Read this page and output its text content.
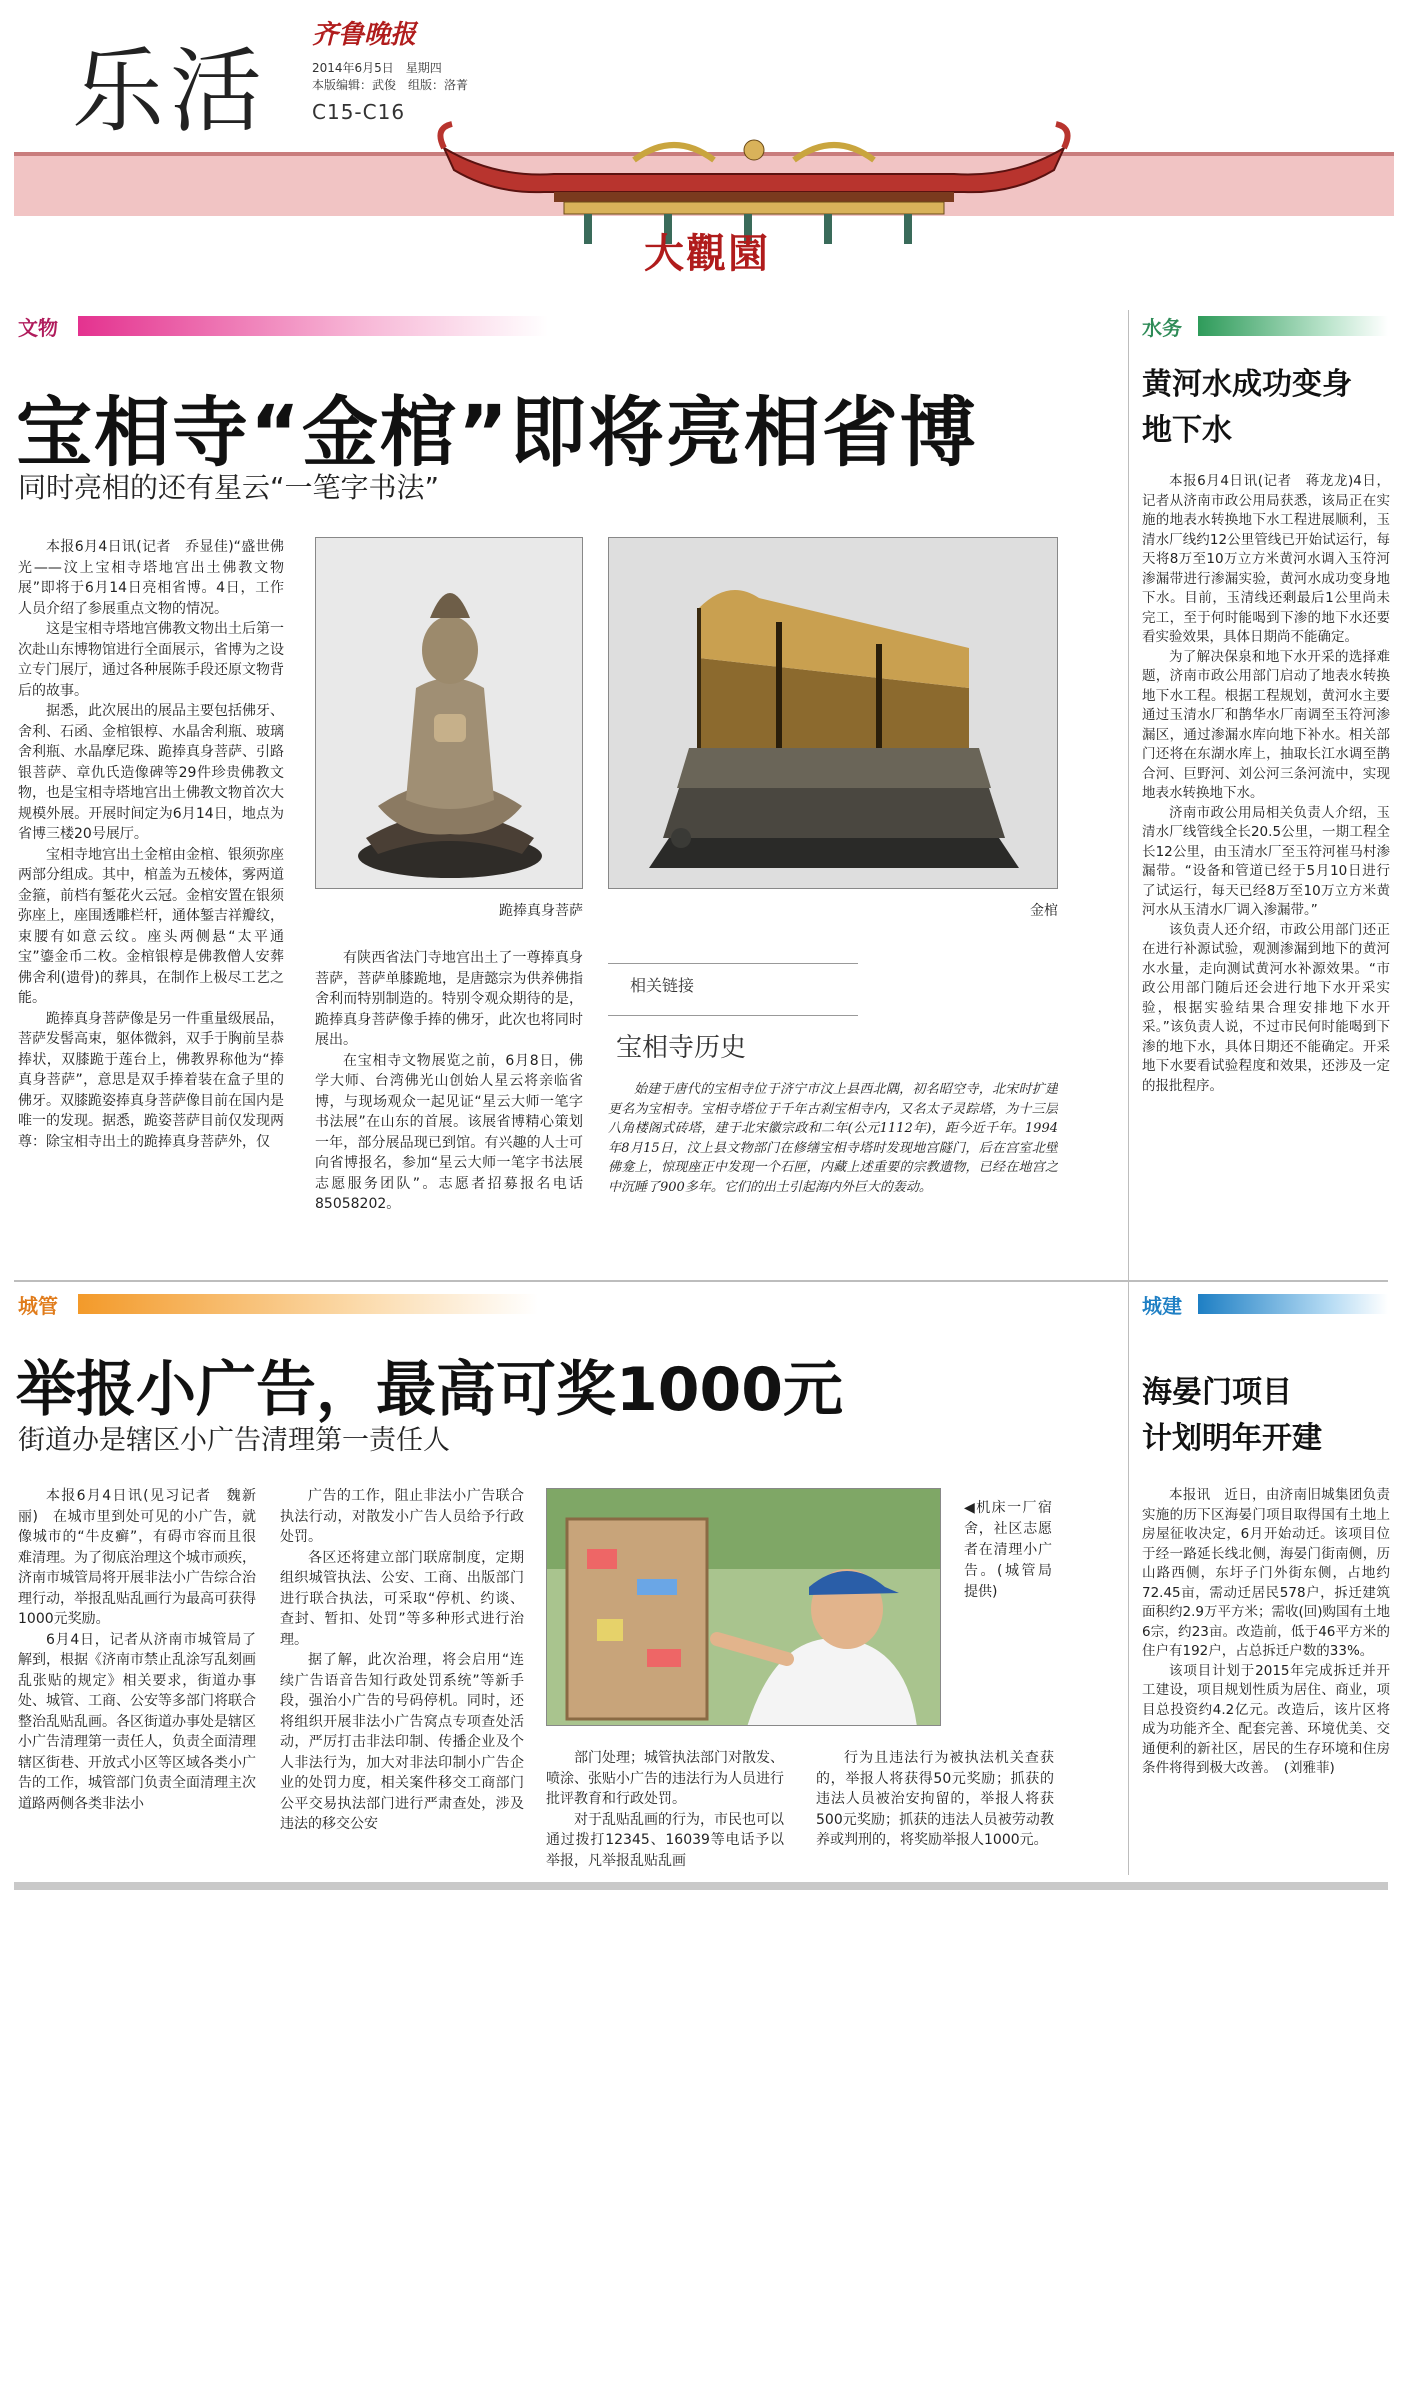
乐活
齐鲁晚报
2014年6月5日　星期四
本版编辑：武俊　组版：洛菁
C15-C16
大觀園
文物
宝相寺“金棺”即将亮相省博
同时亮相的还有星云“一笔字书法”

本报6月4日讯(记者　乔显佳)“盛世佛光——汶上宝相寺塔地宫出土佛教文物展”即将于6月14日亮相省博。4日，工作人员介绍了参展重点文物的情况。

这是宝相寺塔地宫佛教文物出土后第一次赴山东博物馆进行全面展示，省博为之设立专门展厅，通过各种展陈手段还原文物背后的故事。

据悉，此次展出的展品主要包括佛牙、舍利、石函、金棺银椁、水晶舍利瓶、玻璃舍利瓶、水晶摩尼珠、跪捧真身菩萨、引路银菩萨、章仇氏造像碑等29件珍贵佛教文物，也是宝相寺塔地宫出土佛教文物首次大规模外展。开展时间定为6月14日，地点为省博三楼20号展厅。

宝相寺地宫出土金棺由金棺、银须弥座两部分组成。其中，棺盖为五棱体，雾两道金箍，前档有錾花火云冠。金棺安置在银须弥座上，座围透雕栏杆，通体錾吉祥瓣纹，束腰有如意云纹。座头两侧悬“太平通宝”鎏金币二枚。金棺银椁是佛教僧人安葬佛舍利(遗骨)的葬具，在制作上极尽工艺之能。

跪捧真身菩萨像是另一件重量级展品，菩萨发髻高束，躯体微斜，双手于胸前呈恭捧状，双膝跪于莲台上，佛教界称他为“捧真身菩萨”，意思是双手捧着装在盒子里的佛牙。双膝跪姿捧真身菩萨像目前在国内是唯一的发现。据悉，跪姿菩萨目前仅发现两尊：除宝相寺出土的跪捧真身菩萨外，仅

跪捧真身菩萨	金棺

有陕西省法门寺地宫出土了一尊捧真身菩萨，菩萨单膝跪地，是唐懿宗为供养佛指舍利而特别制造的。特别令观众期待的是，跪捧真身菩萨像手捧的佛牙，此次也将同时展出。

在宝相寺文物展览之前，6月8日，佛学大师、台湾佛光山创始人星云将亲临省博，与现场观众一起见证“星云大师一笔字书法展”在山东的首展。该展省博精心策划一年，部分展品现已到馆。有兴趣的人士可向省博报名，参加“星云大师一笔字书法展志愿服务团队”。志愿者招募报名电话85058202。

相关链接
宝相寺历史

始建于唐代的宝相寺位于济宁市汶上县西北隅，初名昭空寺，北宋时扩建更名为宝相寺。宝相寺塔位于千年古刹宝相寺内，又名太子灵踪塔，为十三层八角楼阁式砖塔，建于北宋徽宗政和二年(公元1112年)，距今近千年。1994年8月15日，汶上县文物部门在修缮宝相寺塔时发现地宫隧门，后在宫室北壁佛龛上，惊现座正中发现一个石匣，内藏上述重要的宗教遗物，已经在地宫之中沉睡了900多年。它们的出土引起海内外巨大的轰动。

水务
黄河水成功变身
地下水

本报6月4日讯(记者　蒋龙龙)4日，记者从济南市政公用局获悉，该局正在实施的地表水转换地下水工程进展顺利，玉清水厂线约12公里管线已开始试运行，每天将8万至10万立方米黄河水调入玉符河渗漏带进行渗漏实验，黄河水成功变身地下水。目前，玉清线还剩最后1公里尚未完工，至于何时能喝到下渗的地下水还要看实验效果，具体日期尚不能确定。

为了解决保泉和地下水开采的选择难题，济南市政公用部门启动了地表水转换地下水工程。根据工程规划，黄河水主要通过玉清水厂和鹊华水厂南调至玉符河渗漏区，通过渗漏水库向地下补水。相关部门还将在东湖水库上，抽取长江水调至鹊合河、巨野河、刘公河三条河流中，实现地表水转换地下水。

济南市政公用局相关负责人介绍，玉清水厂线管线全长20.5公里，一期工程全长12公里，由玉清水厂至玉符河崔马村渗漏带。“设备和管道已经于5月10日进行了试运行，每天已经8万至10万立方米黄河水从玉清水厂调入渗漏带。”

该负责人还介绍，市政公用部门还正在进行补源试验，观测渗漏到地下的黄河水水量，走向测试黄河水补源效果。“市政公用部门随后还会进行地下水开采实验，根据实验结果合理安排地下水开采。”该负责人说，不过市民何时能喝到下渗的地下水，具体日期还不能确定。开采地下水要看试验程度和效果，还涉及一定的报批程序。

城管
举报小广告，最高可奖1000元
街道办是辖区小广告清理第一责任人

本报6月4日讯(见习记者　魏新丽)　在城市里到处可见的小广告，就像城市的“牛皮癣”，有碍市容而且很难清理。为了彻底治理这个城市顽疾，济南市城管局将开展非法小广告综合治理行动，举报乱贴乱画行为最高可获得1000元奖励。

6月4日，记者从济南市城管局了解到，根据《济南市禁止乱涂写乱刻画乱张贴的规定》相关要求，街道办事处、城管、工商、公安等多部门将联合整治乱贴乱画。各区街道办事处是辖区小广告清理第一责任人，负责全面清理辖区街巷、开放式小区等区域各类小广告的工作，城管部门负责全面清理主次道路两侧各类非法小

广告的工作，阻止非法小广告联合执法行动，对散发小广告人员给予行政处罚。

各区还将建立部门联席制度，定期组织城管执法、公安、工商、出版部门进行联合执法，可采取“停机、约谈、查封、暂扣、处罚”等多种形式进行治理。

据了解，此次治理，将会启用“连续广告语音告知行政处罚系统”等新手段，强治小广告的号码停机。同时，还将组织开展非法小广告窝点专项查处活动，严厉打击非法印制、传播企业及个人非法行为，加大对非法印制小广告企业的处罚力度，相关案件移交工商部门公平交易执法部门进行严肃查处，涉及违法的移交公安

◀机床一厂宿舍，社区志愿者在清理小广告。(城管局提供)

部门处理；城管执法部门对散发、喷涂、张贴小广告的违法行为人员进行批评教育和行政处罚。

对于乱贴乱画的行为，市民也可以通过拨打12345、16039等电话予以举报，凡举报乱贴乱画

行为且违法行为被执法机关查获的，举报人将获得50元奖励；抓获的违法人员被治安拘留的，举报人将获500元奖励；抓获的违法人员被劳动教养或判刑的，将奖励举报人1000元。

城建
海晏门项目
计划明年开建

本报讯　近日，由济南旧城集团负责实施的历下区海晏门项目取得国有土地上房屋征收决定，6月开始动迁。该项目位于经一路延长线北侧，海晏门街南侧，历山路西侧，东圩子门外街东侧，占地约72.45亩，需动迁居民578户，拆迁建筑面积约2.9万平方米；需收(回)购国有土地6宗，约23亩。改造前，低于46平方米的住户有192户，占总拆迁户数的33%。

该项目计划于2015年完成拆迁并开工建设，项目规划性质为居住、商业，项目总投资约4.2亿元。改造后，该片区将成为功能齐全、配套完善、环境优美、交通便利的新社区，居民的生存环境和住房条件将得到极大改善。　(刘雅菲)
